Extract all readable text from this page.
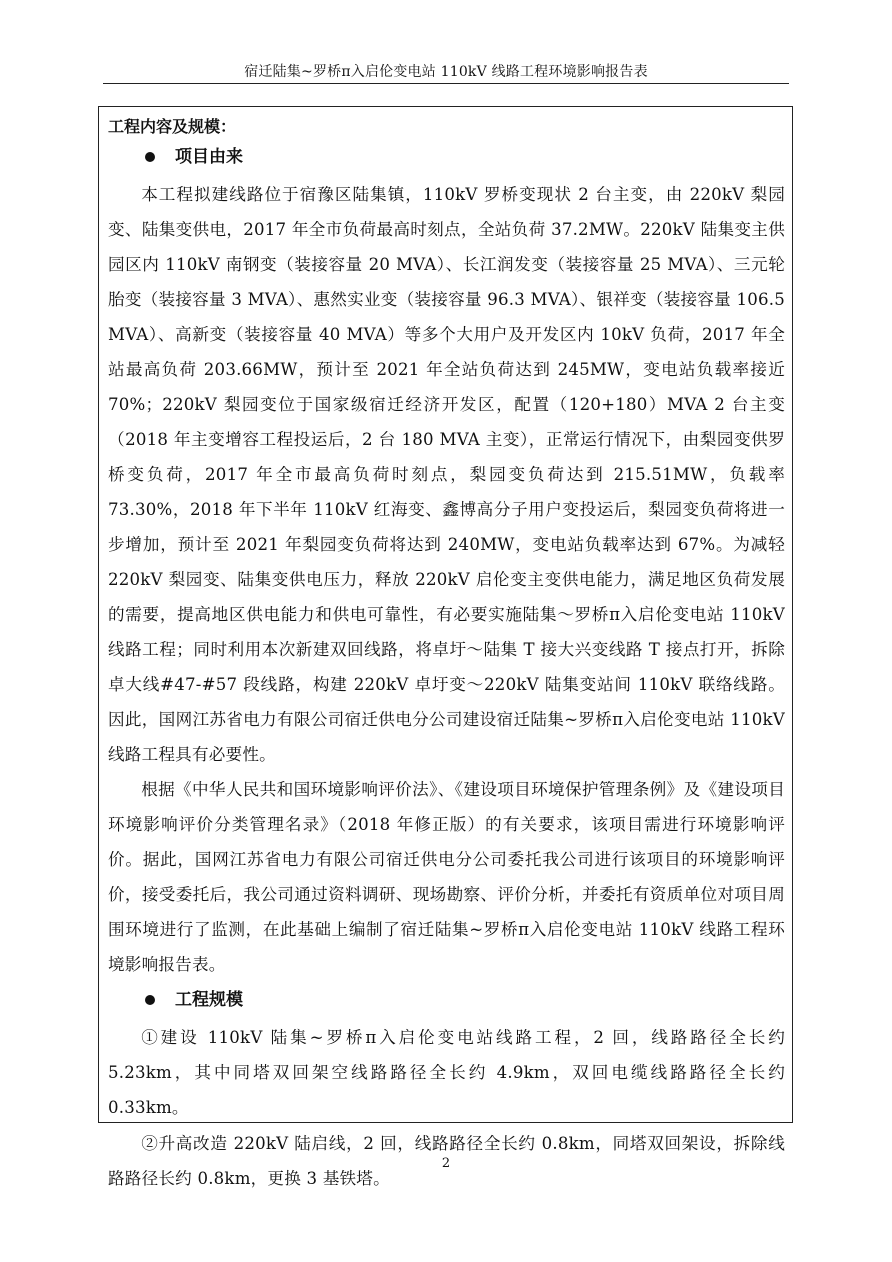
宿迁陆集~罗桥π入启伦变电站 110kV 线路工程环境影响报告表
工程内容及规模：
项目由来

本工程拟建线路位于宿豫区陆集镇，110kV 罗桥变现状 2 台主变，由 220kV 梨园变、陆集变供电，2017 年全市负荷最高时刻点，全站负荷 37.2MW。220kV 陆集变主供园区内 110kV 南钢变（装接容量 20 MVA）、长江润发变（装接容量 25 MVA）、三元轮胎变（装接容量 3 MVA）、惠然实业变（装接容量 96.3 MVA）、银祥变（装接容量 106.5 MVA）、高新变（装接容量 40 MVA）等多个大用户及开发区内 10kV 负荷，2017 年全站最高负荷 203.66MW，预计至 2021 年全站负荷达到 245MW，变电站负载率接近 70%；220kV 梨园变位于国家级宿迁经济开发区，配置（120+180）MVA 2 台主变（2018 年主变增容工程投运后，2 台 180 MVA 主变），正常运行情况下，由梨园变供罗桥变负荷，2017 年全市最高负荷时刻点，梨园变负荷达到 215.51MW，负载率 73.30%，2018 年下半年 110kV 红海变、鑫博高分子用户变投运后，梨园变负荷将进一步增加，预计至 2021 年梨园变负荷将达到 240MW，变电站负载率达到 67%。为减轻 220kV 梨园变、陆集变供电压力，释放 220kV 启伦变主变供电能力，满足地区负荷发展的需要，提高地区供电能力和供电可靠性，有必要实施陆集～罗桥π入启伦变电站 110kV 线路工程；同时利用本次新建双回线路，将卓圩～陆集 T 接大兴变线路 T 接点打开，拆除卓大线#47-#57 段线路，构建 220kV 卓圩变～220kV 陆集变站间 110kV 联络线路。因此，国网江苏省电力有限公司宿迁供电分公司建设宿迁陆集~罗桥π入启伦变电站 110kV 线路工程具有必要性。

根据《中华人民共和国环境影响评价法》、《建设项目环境保护管理条例》及《建设项目环境影响评价分类管理名录》（2018 年修正版）的有关要求，该项目需进行环境影响评价。据此，国网江苏省电力有限公司宿迁供电分公司委托我公司进行该项目的环境影响评价，接受委托后，我公司通过资料调研、现场勘察、评价分析，并委托有资质单位对项目周围环境进行了监测，在此基础上编制了宿迁陆集~罗桥π入启伦变电站 110kV 线路工程环境影响报告表。

工程规模

①建设 110kV 陆集~罗桥π入启伦变电站线路工程，2 回，线路路径全长约 5.23km，其中同塔双回架空线路路径全长约 4.9km，双回电缆线路路径全长约 0.33km。

②升高改造 220kV 陆启线，2 回，线路路径全长约 0.8km，同塔双回架设，拆除线路路径长约 0.8km，更换 3 基铁塔。

2
